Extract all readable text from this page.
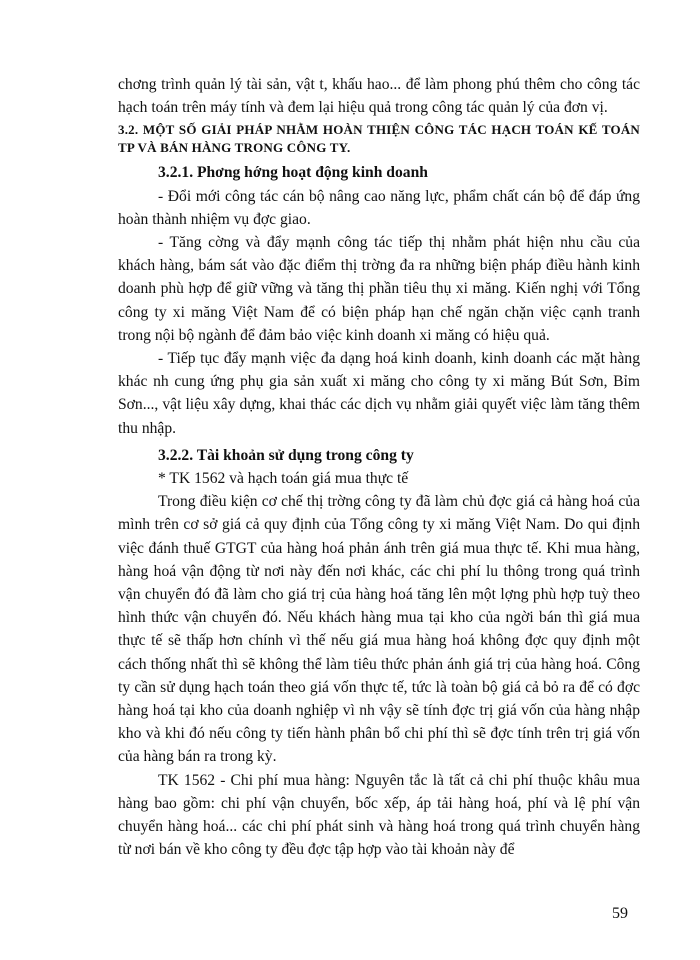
chơng trình quản lý tài sản, vật t, khấu hao... để làm phong phú thêm cho công tác hạch toán trên máy tính và đem lại hiệu quả trong công tác quản lý của đơn vị.

3.2. MỘT SỐ GIẢI PHÁP NHẰM HOÀN THIỆN CÔNG TÁC HẠCH TOÁN KẾ TOÁN TP VÀ BÁN HÀNG TRONG CÔNG TY.
3.2.1. Phơng hớng hoạt động kinh doanh

- Đổi mới công tác cán bộ nâng cao năng lực, phẩm chất cán bộ để đáp ứng hoàn thành nhiệm vụ đợc giao.

- Tăng cờng và đẩy mạnh công tác tiếp thị nhằm phát hiện nhu cầu của khách hàng, bám sát vào đặc điểm thị trờng đa ra những biện pháp điều hành kinh doanh phù hợp để giữ vững và tăng thị phần tiêu thụ xi măng. Kiến nghị với Tổng công ty xi măng Việt Nam để có biện pháp hạn chế ngăn chặn việc cạnh tranh trong nội bộ ngành để đảm bảo việc kinh doanh xi măng có hiệu quả.

- Tiếp tục đẩy mạnh việc đa dạng hoá kinh doanh, kinh doanh các mặt hàng khác nh cung ứng phụ gia sản xuất xi măng cho công ty xi măng Bút Sơn, Bỉm Sơn..., vật liệu xây dựng, khai thác các dịch vụ nhằm giải quyết việc làm tăng thêm thu nhập.

3.2.2. Tài khoản sử dụng trong công ty

* TK 1562 và hạch toán giá mua thực tế

Trong điều kiện cơ chế thị trờng công ty đã làm chủ đợc giá cả hàng hoá của mình trên cơ sở giá cả quy định của Tổng công ty xi măng Việt Nam. Do qui định việc đánh thuế GTGT của hàng hoá phản ánh trên giá mua thực tế. Khi mua hàng, hàng hoá vận động từ nơi này đến nơi khác, các chi phí lu thông trong quá trình vận chuyển đó đã làm cho giá trị của hàng hoá tăng lên một lợng phù hợp tuỳ theo hình thức vận chuyển đó. Nếu khách hàng mua tại kho của ngời bán thì giá mua thực tế sẽ thấp hơn chính vì thế nếu giá mua hàng hoá không đợc quy định một cách thống nhất thì sẽ không thể làm tiêu thức phản ánh giá trị của hàng hoá. Công ty cần sử dụng hạch toán theo giá vốn thực tế, tức là toàn bộ giá cả bỏ ra để có đợc hàng hoá tại kho của doanh nghiệp vì nh vậy sẽ tính đợc trị giá vốn của hàng nhập kho và khi đó nếu công ty tiến hành phân bổ chi phí thì sẽ đợc tính trên trị giá vốn của hàng bán ra trong kỳ.

TK 1562 - Chi phí mua hàng: Nguyên tắc là tất cả chi phí thuộc khâu mua hàng bao gồm: chi phí vận chuyển, bốc xếp, áp tải hàng hoá, phí và lệ phí vận chuyển hàng hoá... các chi phí phát sinh và hàng hoá trong quá trình chuyển hàng từ nơi bán về kho công ty đều đợc tập hợp vào tài khoản này để

59
